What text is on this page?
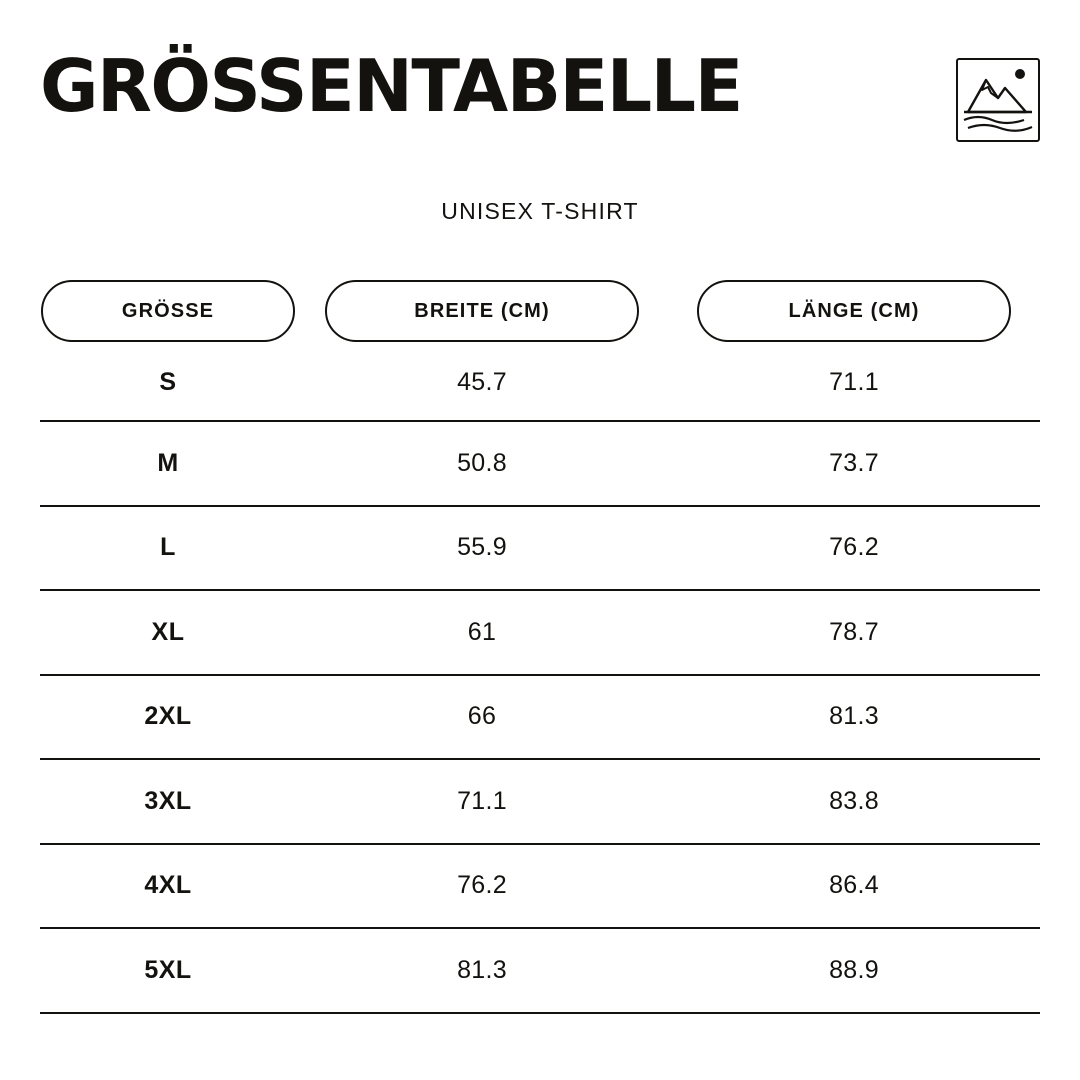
GRÖSSENTABELLE
UNISEX T-SHIRT
GRÖSSE	BREITE (CM)	LÄNGE (CM)
S	45.7	71.1
M	50.8	73.7
L	55.9	76.2
XL	61	78.7
2XL	66	81.3
3XL	71.1	83.8
4XL	76.2	86.4
5XL	81.3	88.9
